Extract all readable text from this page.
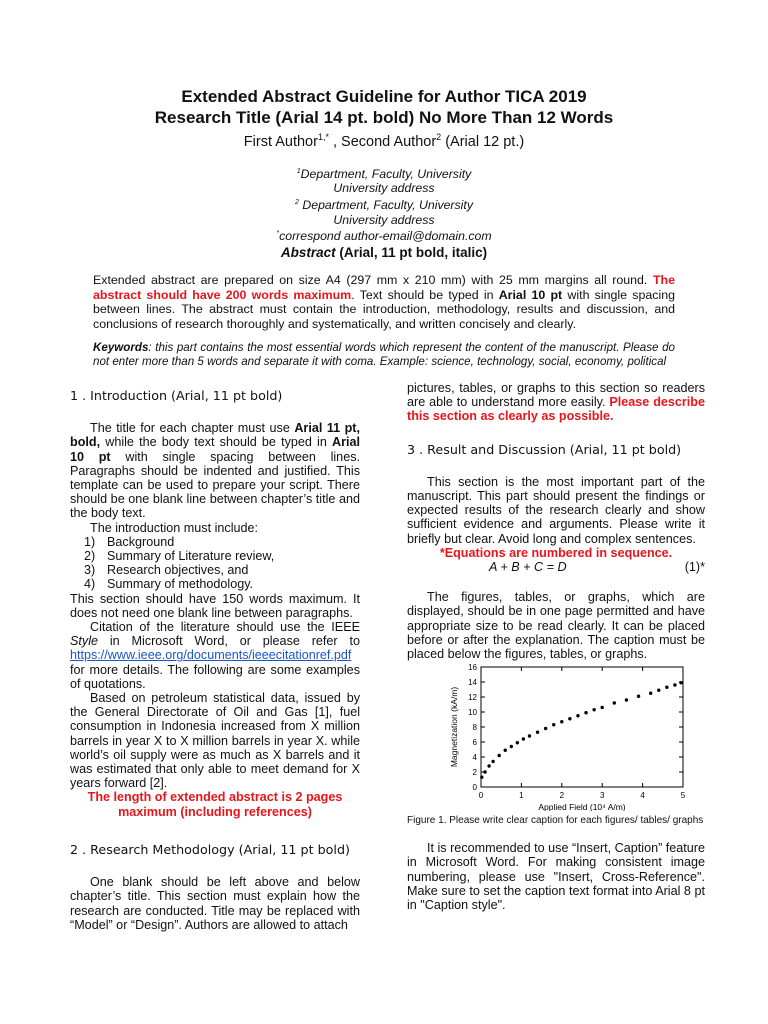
Extended Abstract Guideline for Author TICA 2019

Research Title (Arial 14 pt. bold) No More Than 12 Words

First Author$^{1,*}$ , Second Author$^2$ (Arial 12 pt.)
$^1$Department, Faculty, University
University address
$^2$ Department, Faculty, University
University address
*correspond author-email@domain.com
Abstract (Arial, 11 pt bold, italic)

Extended abstract are prepared on size A4 (297 mm x 210 mm) with 25 mm margins all round. The abstract should have 200 words maximum. Text should be typed in Arial 10 pt with single spacing between lines. The abstract must contain the introduction, methodology, results and discussion, and conclusions of research thoroughly and systematically, and written concisely and clearly.

Keywords: this part contains the most essential words which represent the content of the manuscript. Please do not enter more than 5 words and separate it with coma. Example: science, technology, social, economy, political

1 . Introduction (Arial, 11 pt bold)

The title for each chapter must use Arial 11 pt, bold, while the body text should be typed in Arial 10 pt with single spacing between lines. Paragraphs should be indented and justified. This template can be used to prepare your script. There should be one blank line between chapter’s title and the body text.

The introduction must include:

1) Background
2) Summary of Literature review,
3) Research objectives, and
4) Summary of methodology.

This section should have 150 words maximum. It does not need one blank line between paragraphs.

Citation of the literature should use the IEEE Style in Microsoft Word, or please refer to https://www.ieee.org/documents/ieeecitationref.pdf for more details. The following are some examples of quotations.

Based on petroleum statistical data, issued by the General Directorate of Oil and Gas [1], fuel consumption in Indonesia increased from X million barrels in year X to X million barrels in year X. while world’s oil supply were as much as X barrels and it was estimated that only able to meet demand for X years forward [2].

The length of extended abstract is 2 pages maximum (including references)

2 . Research Methodology (Arial, 11 pt bold)

One blank should be left above and below chapter’s title. This section must explain how the research are conducted. Title may be replaced with “Model” or “Design”. Authors are allowed to attach

pictures, tables, or graphs to this section so readers are able to understand more easily. Please describe this section as clearly as possible.

3 . Result and Discussion (Arial, 11 pt bold)

This section is the most important part of the manuscript. This part should present the findings or expected results of the research clearly and show sufficient evidence and arguments. Please write it briefly but clear. Avoid long and complex sentences.

*Equations are numbered in sequence.

A + B + C = D	(1)*

The figures, tables, or graphs, which are displayed, should be in one page permitted and have appropriate size to be read clearly. It can be placed before or after the explanation. The caption must be placed below the figures, tables, or graphs.

0	1	2	3	4	5
0
2
4
6
8
10
12
14
16
Applied Field (10⁴ A/m)
Magnetization (kA/m)

Figure 1. Please write clear caption for each figures/ tables/ graphs

It is recommended to use “Insert, Caption” feature in Microsoft Word. For making consistent image numbering, please use "Insert, Cross-Reference". Make sure to set the caption text format into Arial 8 pt in "Caption style".
